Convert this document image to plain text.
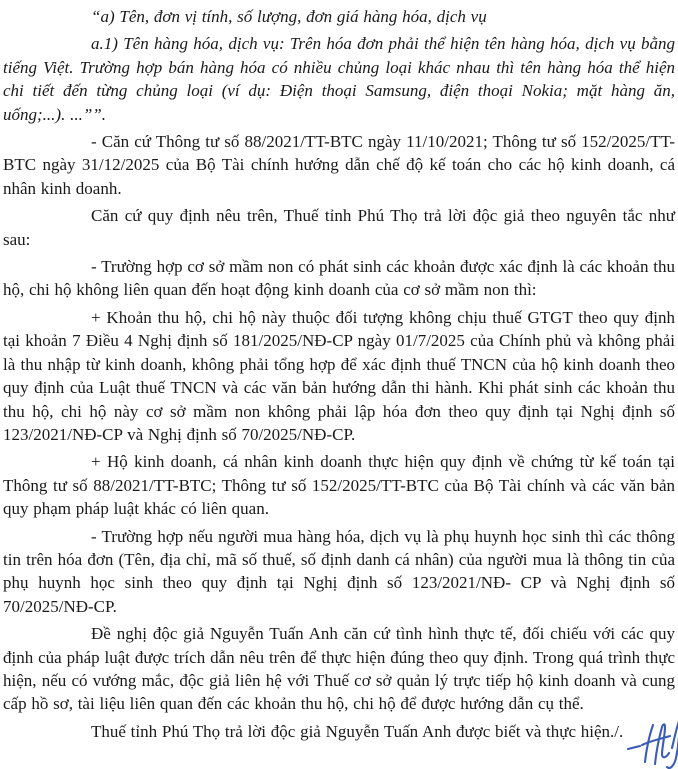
“a) Tên, đơn vị tính, số lượng, đơn giá hàng hóa, dịch vụ

a.1) Tên hàng hóa, dịch vụ: Trên hóa đơn phải thể hiện tên hàng hóa, dịch vụ bằng tiếng Việt. Trường hợp bán hàng hóa có nhiều chủng loại khác nhau thì tên hàng hóa thể hiện chi tiết đến từng chủng loại (ví dụ: Điện thoại Samsung, điện thoại Nokia; mặt hàng ăn, uống;...). ...””.

- Căn cứ Thông tư số 88/2021/TT-BTC ngày 11/10/2021; Thông tư số 152/2025/TT-BTC ngày 31/12/2025 của Bộ Tài chính hướng dẫn chế độ kế toán cho các hộ kinh doanh, cá nhân kinh doanh.

Căn cứ quy định nêu trên, Thuế tỉnh Phú Thọ trả lời độc giả theo nguyên tắc như sau:

- Trường hợp cơ sở mầm non có phát sinh các khoản được xác định là các khoản thu hộ, chi hộ không liên quan đến hoạt động kinh doanh của cơ sở mầm non thì:

+ Khoản thu hộ, chi hộ này thuộc đối tượng không chịu thuế GTGT theo quy định tại khoản 7 Điều 4 Nghị định số 181/2025/NĐ-CP ngày 01/7/2025 của Chính phủ và không phải là thu nhập từ kinh doanh, không phải tổng hợp để xác định thuế TNCN của hộ kinh doanh theo quy định của Luật thuế TNCN và các văn bản hướng dẫn thi hành. Khi phát sinh các khoản thu thu hộ, chi hộ này cơ sở mầm non không phải lập hóa đơn theo quy định tại Nghị định số 123/2021/NĐ-CP và Nghị định số 70/2025/NĐ-CP.

+ Hộ kinh doanh, cá nhân kinh doanh thực hiện quy định về chứng từ kế toán tại Thông tư số 88/2021/TT-BTC; Thông tư số 152/2025/TT-BTC của Bộ Tài chính và các văn bản quy phạm pháp luật khác có liên quan.

- Trường hợp nếu người mua hàng hóa, dịch vụ là phụ huynh học sinh thì các thông tin trên hóa đơn (Tên, địa chỉ, mã số thuế, số định danh cá nhân) của người mua là thông tin của phụ huynh học sinh theo quy định tại Nghị định số 123/2021/NĐ- CP và Nghị định số 70/2025/NĐ-CP.

Đề nghị độc giả Nguyễn Tuấn Anh căn cứ tình hình thực tế, đối chiếu với các quy định của pháp luật được trích dẫn nêu trên để thực hiện đúng theo quy định. Trong quá trình thực hiện, nếu có vướng mắc, độc giả liên hệ với Thuế cơ sở quản lý trực tiếp hộ kinh doanh và cung cấp hồ sơ, tài liệu liên quan đến các khoản thu hộ, chi hộ để được hướng dẫn cụ thể.

Thuế tỉnh Phú Thọ trả lời độc giả Nguyễn Tuấn Anh được biết và thực hiện./.
